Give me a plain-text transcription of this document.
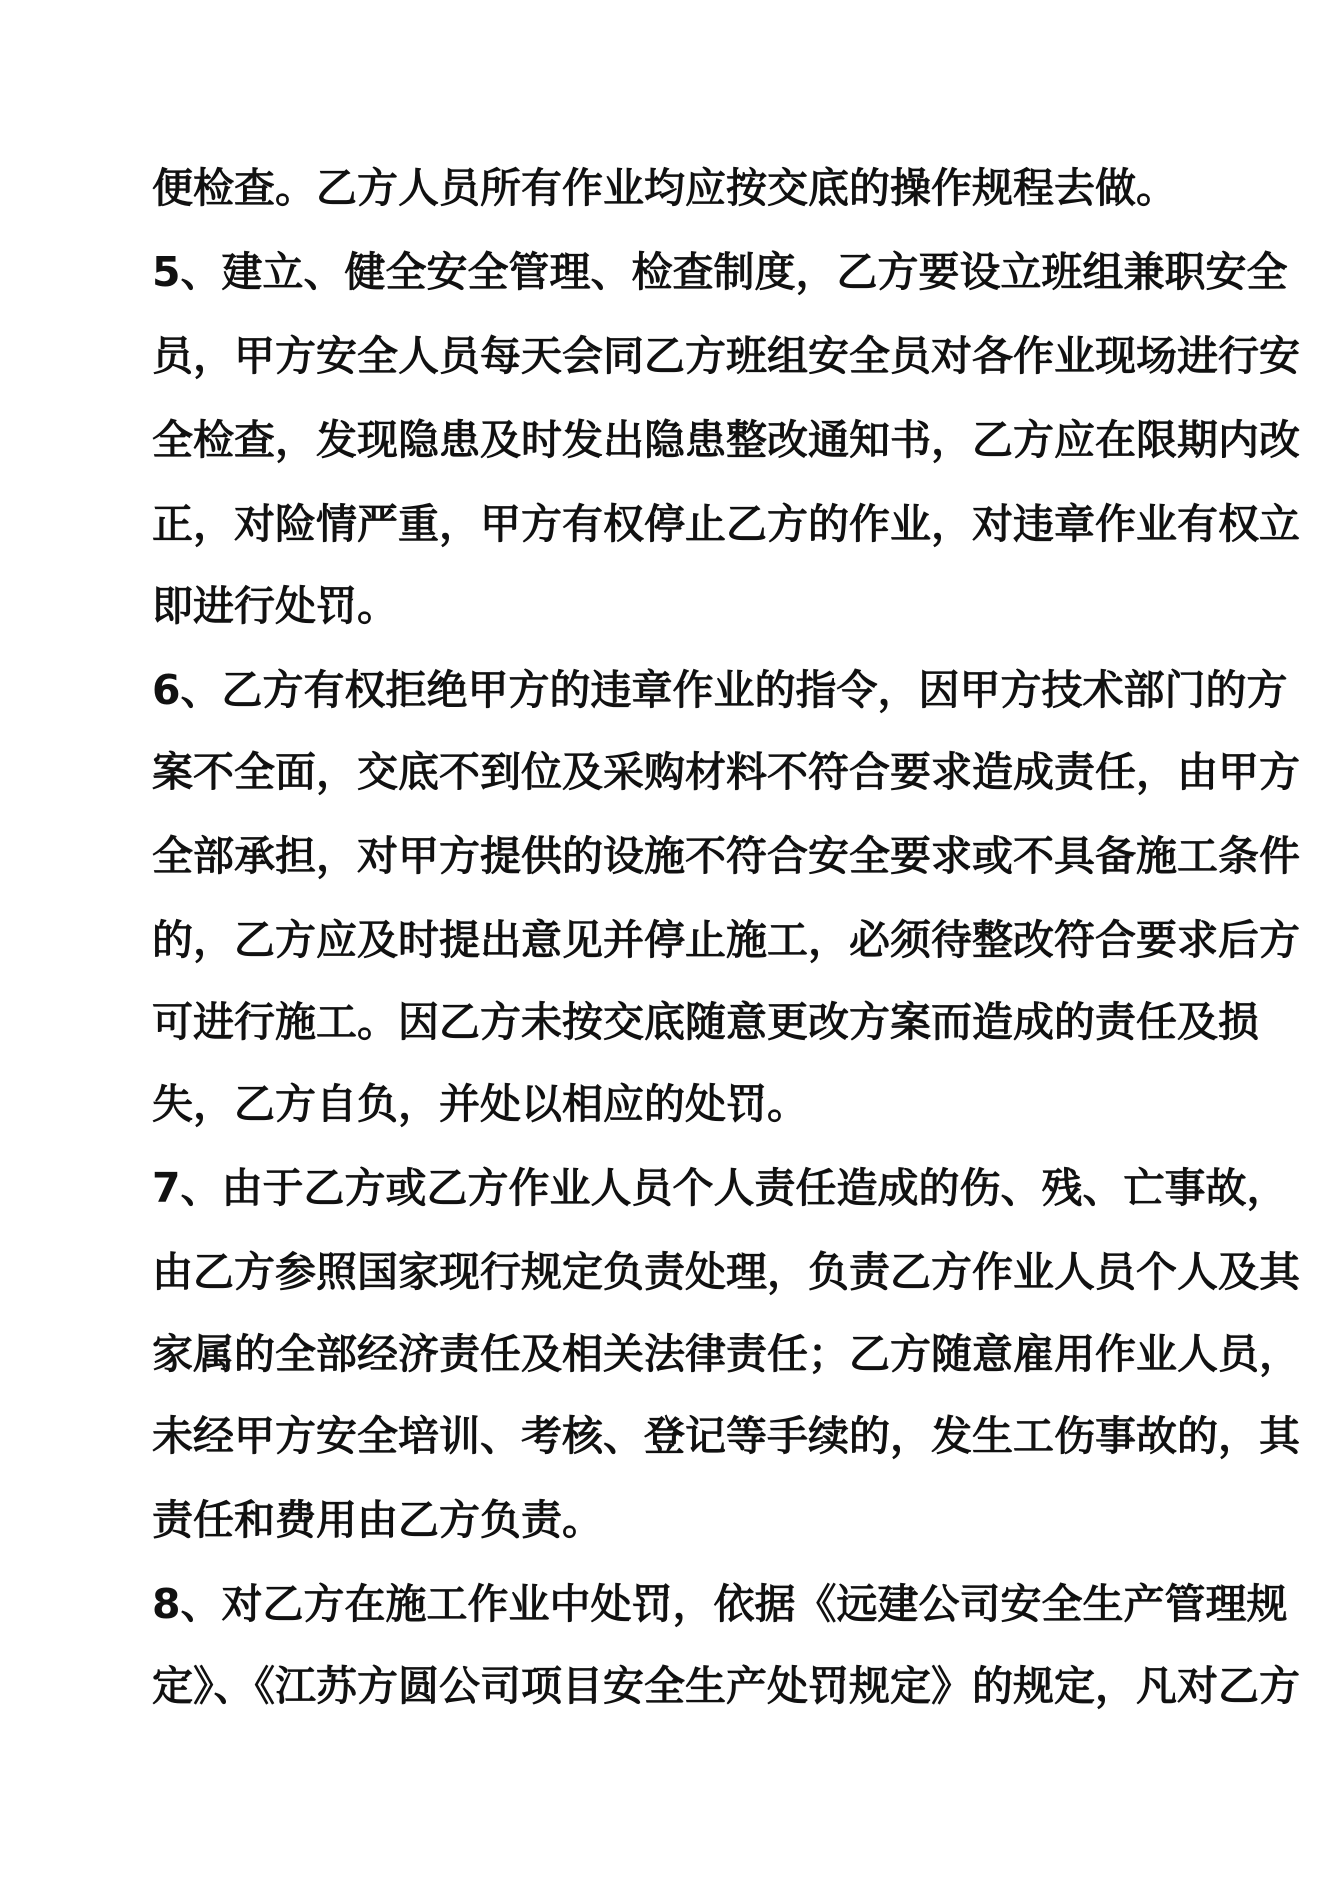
便检查。乙方人员所有作业均应按交底的操作规程去做。

5、建立、健全安全管理、检查制度，乙方要设立班组兼职安全

员，甲方安全人员每天会同乙方班组安全员对各作业现场进行安

全检查，发现隐患及时发出隐患整改通知书，乙方应在限期内改

正，对险情严重，甲方有权停止乙方的作业，对违章作业有权立

即进行处罚。

6、乙方有权拒绝甲方的违章作业的指令，因甲方技术部门的方

案不全面，交底不到位及采购材料不符合要求造成责任，由甲方

全部承担，对甲方提供的设施不符合安全要求或不具备施工条件

的，乙方应及时提出意见并停止施工，必须待整改符合要求后方

可进行施工。因乙方未按交底随意更改方案而造成的责任及损

失，乙方自负，并处以相应的处罚。

7、由于乙方或乙方作业人员个人责任造成的伤、残、亡事故，

由乙方参照国家现行规定负责处理，负责乙方作业人员个人及其

家属的全部经济责任及相关法律责任；乙方随意雇用作业人员，

未经甲方安全培训、考核、登记等手续的，发生工伤事故的，其

责任和费用由乙方负责。

8、对乙方在施工作业中处罚，依据《远建公司安全生产管理规

定》、《江苏方圆公司项目安全生产处罚规定》的规定，凡对乙方
